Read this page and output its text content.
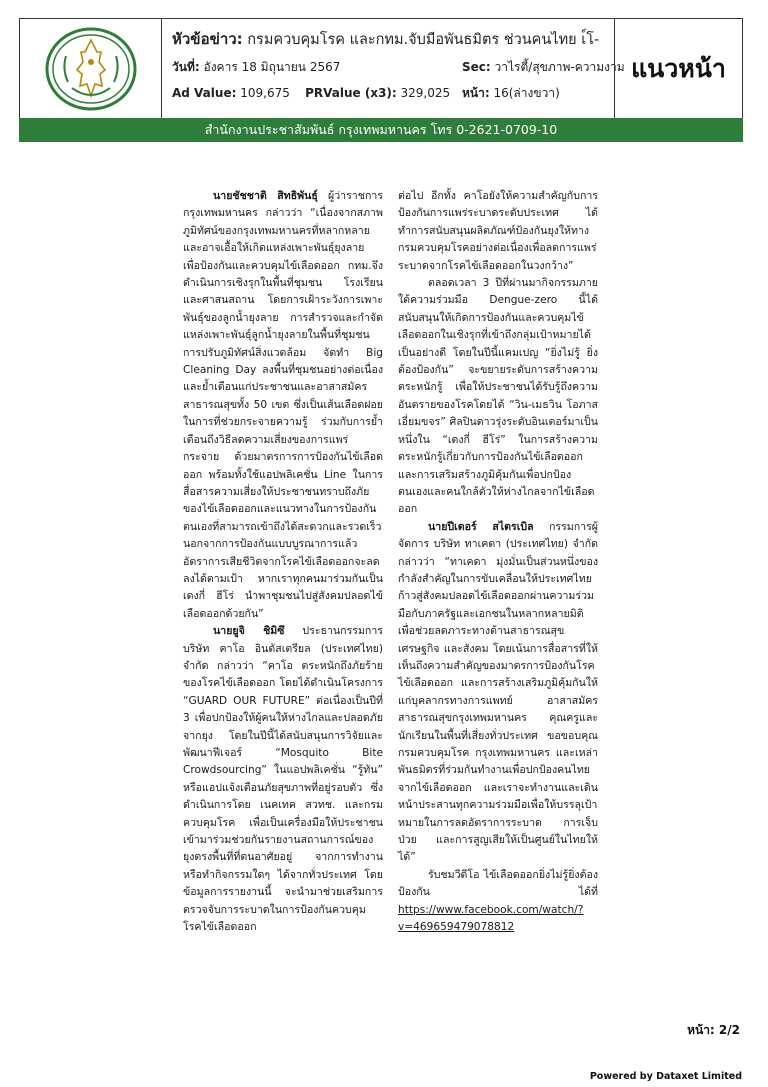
หัวข้อข่าว: กรมควบคุมโรค และกทม.จับมือพันธมิตร ช่วนคนไทย เ์โ-
วันที่: อังคาร 18 มิถุนายน 2567	Sec: วาไรตี้/สุขภาพ-ความงาม
Ad Value: 109,675 PRValue (x3): 329,025 หน้า: 16(ล่างขวา)
แนวหน้า
สำนักงานประชาสัมพันธ์ กรุงเทพมหานคร โทร 0-2621-0709-10

นายชัชชาติ สิทธิพันธุ์ ผู้ว่าราชการกรุงเทพมหานคร กล่าวว่า “เนื่องจากสภาพภูมิทัศน์ของกรุงเทพมหานครที่หลากหลายและอาจเอื้อให้เกิดแหล่งเพาะพันธุ์ยุงลาย เพื่อป้องกันและควบคุมไข้เลือดออก กทม.จึงดำเนินการเชิงรุกในพื้นที่ชุมชน โรงเรียน และศาสนสถาน โดยการเฝ้าระวังการเพาะพันธุ์ของลูกน้ำยุงลาย การสำรวจและกำจัดแหล่งเพาะพันธุ์ลูกน้ำยุงลายในพื้นที่ชุมชน การปรับภูมิทัศน์สิ่งแวดล้อม จัดทำ Big Cleaning Day ลงพื้นที่ชุมชนอย่างต่อเนื่อง และย้ำเตือนแก่ประชาชนและอาสาสมัครสาธารณสุขทั้ง 50 เขต ซึ่งเป็นเส้นเลือดฝอยในการที่ช่วยกระจายความรู้ ร่วมกับการย้ำเตือนถึงวิธีลดความเสี่ยงของการแพร่กระจาย ด้วยมาตรการการป้องกันไข้เลือดออก พร้อมทั้งใช้แอปพลิเคชั่น Line ในการสื่อสารความเสี่ยงให้ประชาชนทราบถึงภัยของไข้เลือดออกและแนวทางในการป้องกันตนเองที่สามารถเข้าถึงได้สะดวกและรวดเร็ว นอกจากการป้องกันแบบบูรณาการแล้ว อัตราการเสียชีวิตจากโรคไข้เลือดออกจะลดลงได้ตามเป้า หากเราทุกคนมาร่วมกันเป็น เดงกี่ ฮีโร่ นำพาชุมชนไปสู่สังคมปลอดไข้เลือดออกด้วยกัน”

นายยูจิ ชิมิซึ ประธานกรรมการ บริษัท คาโอ อินดัสเตรียล (ประเทศไทย) จำกัด กล่าวว่า “คาโอ ตระหนักถึงภัยร้ายของโรคไข้เลือดออก โดยได้ดำเนินโครงการ “GUARD OUR FUTURE” ต่อเนื่องเป็นปีที่ 3 เพื่อปกป้องให้ผู้คนให้ห่างไกลและปลอดภัยจากยุง โดยในปีนี้ได้สนับสนุนการวิจัยและพัฒนาฟีเจอร์ “Mosquito Bite Crowdsourcing” ในแอปพลิเคชั่น “รู้ทัน” หรือแอปแจ้งเตือนภัยสุขภาพที่อยู่รอบตัว ซึ่งดำเนินการโดย เนคเทค สวทช. และกรมควบคุมโรค เพื่อเป็นเครื่องมือให้ประชาชนเข้ามาร่วมช่วยกันรายงานสถานการณ์ของยุงตรงพื้นที่ที่ตนอาศัยอยู่ จากการทำงาน หรือทำกิจกรรมใดๆ ได้จากทั่วประเทศ โดยข้อมูลการรายงานนี้ จะนำมาช่วยเสริมการตรวจจับการระบาดในการป้องกันควบคุมโรคไข้เลือดออก

ต่อไป อีกทั้ง คาโอยังให้ความสำคัญกับการป้องกันการแพร่ระบาดระดับประเทศ ได้ทำการสนับสนุนผลิตภัณฑ์ป้องกันยุงให้ทางกรมควบคุมโรคอย่างต่อเนื่องเพื่อลดการแพร่ระบาดจากโรคไข้เลือดออกในวงกว้าง”

ตลอดเวลา 3 ปีที่ผ่านมากิจกรรมภายใต้ความร่วมมือ Dengue-zero นี้ได้สนับสนุนให้เกิดการป้องกันและควบคุมไข้เลือดออกในเชิงรุกที่เข้าถึงกลุ่มเป้าหมายได้เป็นอย่างดี โดยในปีนี้แคมเปญ “ยิ่งไม่รู้ ยิ่งต้องป้องกัน” จะขยายระดับการสร้างความตระหนักรู้ เพื่อให้ประชาชนได้รับรู้ถึงความอันตรายของโรคโดยได้ “วิน-เมธวิน โอภาสเอี่ยมขจร” ศิลปินดาวรุ่งระดับอินเตอร์มาเป็นหนึ่งใน “เดงกี่ ฮีโร่” ในการสร้างความตระหนักรู้เกี่ยวกับการป้องกันไข้เลือดออกและการเสริมสร้างภูมิคุ้มกันเพื่อปกป้องตนเองและคนใกล้ตัวให้ห่างไกลจากไข้เลือดออก

นายปีเตอร์ สไตรเบิล กรรมการผู้จัดการ บริษัท ทาเคดา (ประเทศไทย) จำกัด กล่าวว่า “ทาเคดา มุ่งมั่นเป็นส่วนหนึ่งของกำลังสำคัญในการขับเคลื่อนให้ประเทศไทยก้าวสู่สังคมปลอดไข้เลือดออกผ่านความร่วมมือกับภาครัฐและเอกชนในหลากหลายมิติ เพื่อช่วยลดภาระทางด้านสาธารณสุข เศรษฐกิจ และสังคม โดยเน้นการสื่อสารที่ให้เห็นถึงความสำคัญของมาตรการป้องกันโรคไข้เลือดออก และการสร้างเสริมภูมิคุ้มกันให้แก่บุคลากรทางการแพทย์ อาสาสมัครสาธารณสุขกรุงเทพมหานคร คุณครูและนักเรียนในพื้นที่เสี่ยงทั่วประเทศ ขอขอบคุณกรมควบคุมโรค กรุงเทพมหานคร และเหล่าพันธมิตรที่ร่วมกันทำงานเพื่อปกป้องคนไทยจากไข้เลือดออก และเราจะทำงานและเดินหน้าประสานทุกความร่วมมือเพื่อให้บรรลุเป้าหมายในการลดอัตราการระบาด การเจ็บป่วย และการสูญเสียให้เป็นศูนย์ในไทยให้ได้”

รับชมวีดีโอ ไข้เลือดออกยิ่งไม่รู้ยิ่งต้องป้องกัน ได้ที่ https://www.facebook.com/watch/?v=469659479078812

หน้า: 2/2
Powered by Dataxet Limited
